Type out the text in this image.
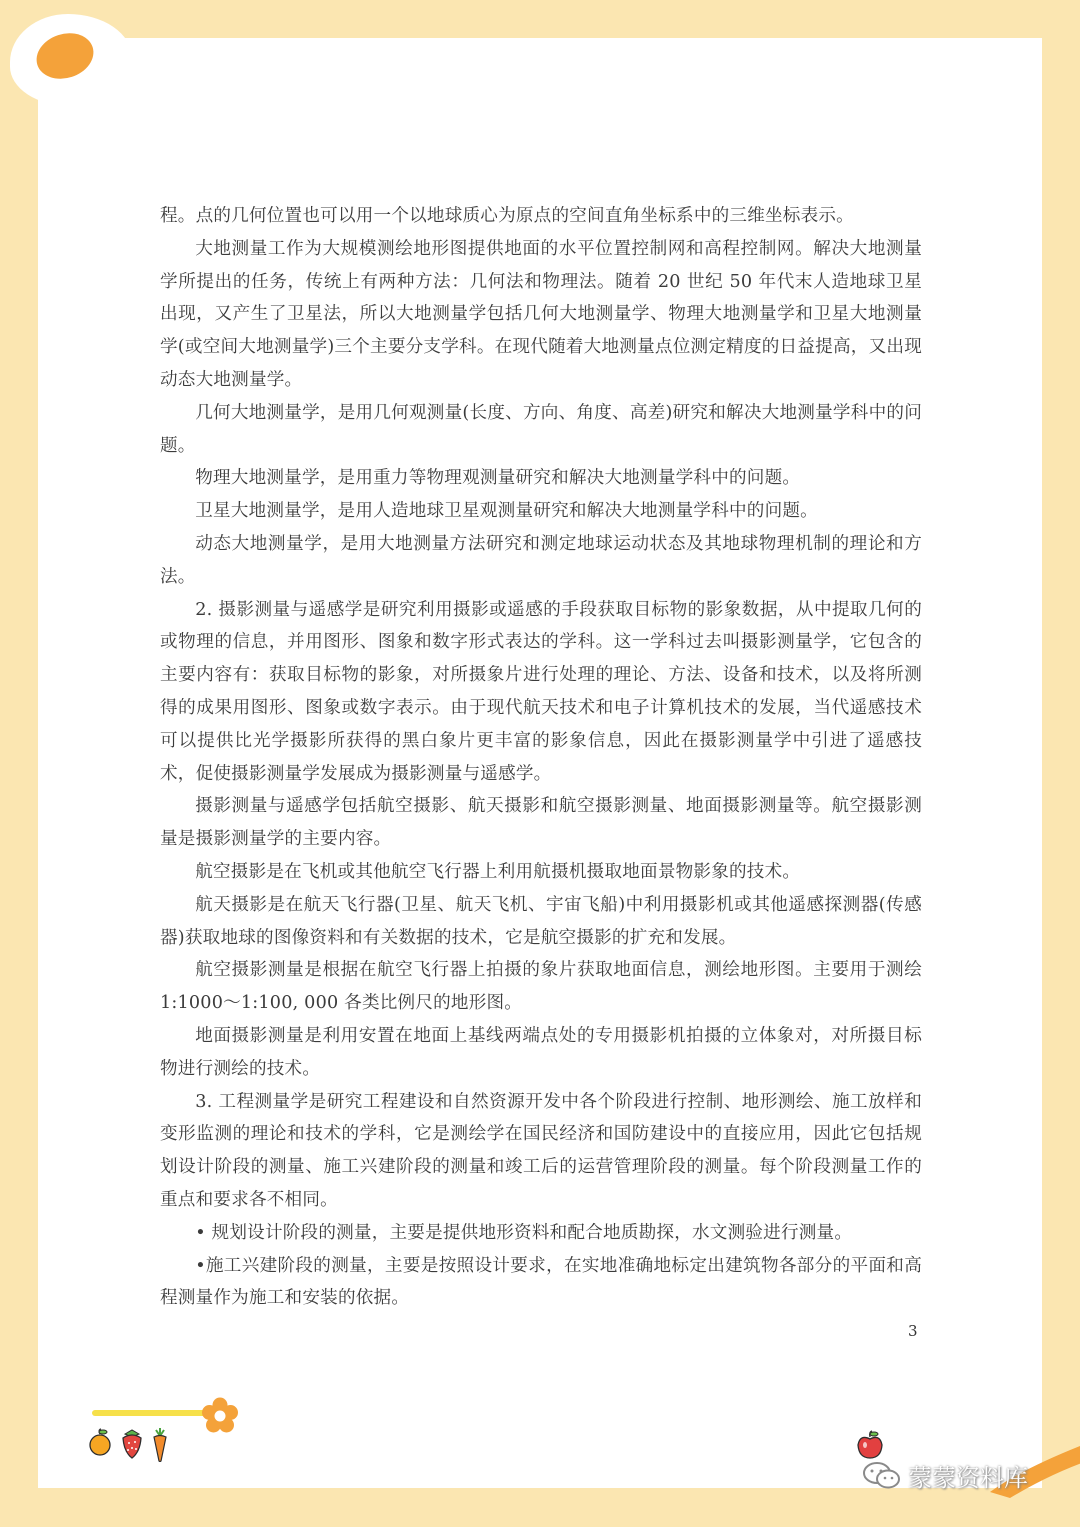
程。点的几何位置也可以用一个以地球质心为原点的空间直角坐标系中的三维坐标表示。

大地测量工作为大规模测绘地形图提供地面的水平位置控制网和高程控制网。解决大地测量学所提出的任务，传统上有两种方法：几何法和物理法。随着 20 世纪 50 年代末人造地球卫星出现，又产生了卫星法，所以大地测量学包括几何大地测量学、物理大地测量学和卫星大地测量学(或空间大地测量学)三个主要分支学科。在现代随着大地测量点位测定精度的日益提高，又出现动态大地测量学。

几何大地测量学，是用几何观测量(长度、方向、角度、高差)研究和解决大地测量学科中的问题。

物理大地测量学，是用重力等物理观测量研究和解决大地测量学科中的问题。

卫星大地测量学，是用人造地球卫星观测量研究和解决大地测量学科中的问题。

动态大地测量学，是用大地测量方法研究和测定地球运动状态及其地球物理机制的理论和方法。

2. 摄影测量与遥感学是研究利用摄影或遥感的手段获取目标物的影象数据，从中提取几何的或物理的信息，并用图形、图象和数字形式表达的学科。这一学科过去叫摄影测量学，它包含的主要内容有：获取目标物的影象，对所摄象片进行处理的理论、方法、设备和技术，以及将所测得的成果用图形、图象或数字表示。由于现代航天技术和电子计算机技术的发展，当代遥感技术可以提供比光学摄影所获得的黑白象片更丰富的影象信息，因此在摄影测量学中引进了遥感技术，促使摄影测量学发展成为摄影测量与遥感学。

摄影测量与遥感学包括航空摄影、航天摄影和航空摄影测量、地面摄影测量等。航空摄影测量是摄影测量学的主要内容。

航空摄影是在飞机或其他航空飞行器上利用航摄机摄取地面景物影象的技术。

航天摄影是在航天飞行器(卫星、航天飞机、宇宙飞船)中利用摄影机或其他遥感探测器(传感器)获取地球的图像资料和有关数据的技术，它是航空摄影的扩充和发展。

航空摄影测量是根据在航空飞行器上拍摄的象片获取地面信息，测绘地形图。主要用于测绘 1:1000～1:100, 000 各类比例尺的地形图。

地面摄影测量是利用安置在地面上基线两端点处的专用摄影机拍摄的立体象对，对所摄目标物进行测绘的技术。

3. 工程测量学是研究工程建设和自然资源开发中各个阶段进行控制、地形测绘、施工放样和变形监测的理论和技术的学科，它是测绘学在国民经济和国防建设中的直接应用，因此它包括规划设计阶段的测量、施工兴建阶段的测量和竣工后的运营管理阶段的测量。每个阶段测量工作的重点和要求各不相同。

• 规划设计阶段的测量，主要是提供地形资料和配合地质勘探，水文测验进行测量。

•施工兴建阶段的测量，主要是按照设计要求，在实地准确地标定出建筑物各部分的平面和高程测量作为施工和安装的依据。

3
蒙蒙资料库
